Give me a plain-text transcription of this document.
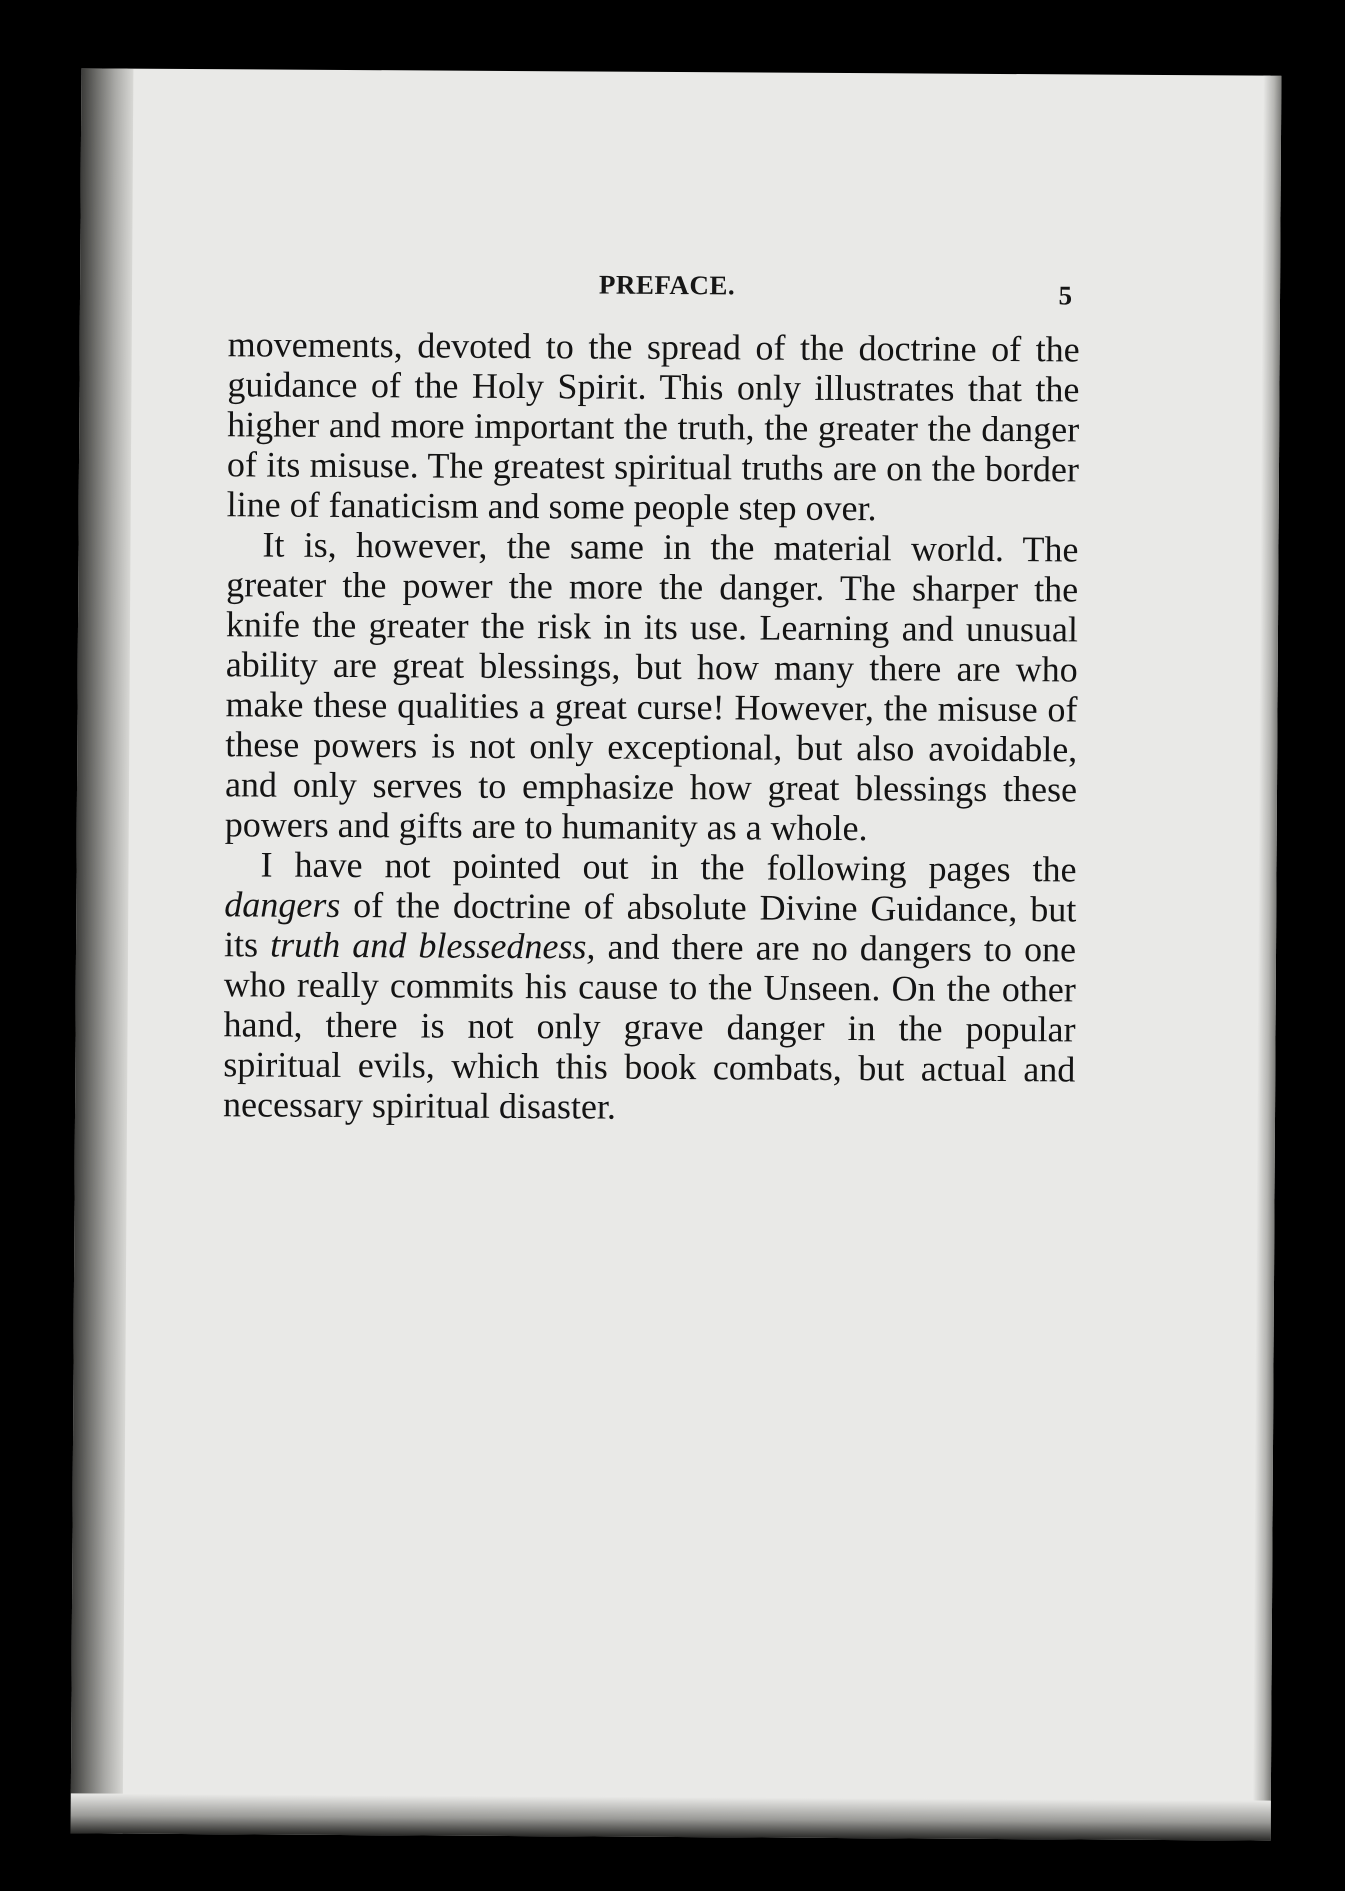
PREFACE.	5

movements, devoted to the spread of the doctrine of the guidance of the Holy Spirit. This only illustrates that the higher and more important the truth, the greater the danger of its misuse. The greatest spiritual truths are on the border line of fanaticism and some people step over.

It is, however, the same in the material world. The greater the power the more the danger. The sharper the knife the greater the risk in its use. Learning and unusual ability are great blessings, but how many there are who make these qualities a great curse! However, the misuse of these powers is not only exceptional, but also avoidable, and only serves to emphasize how great blessings these powers and gifts are to humanity as a whole.

I have not pointed out in the following pages the dangers of the doctrine of absolute Divine Guidance, but its truth and blessedness, and there are no dangers to one who really commits his cause to the Unseen. On the other hand, there is not only grave danger in the popular spiritual evils, which this book combats, but actual and necessary spiritual disaster.
